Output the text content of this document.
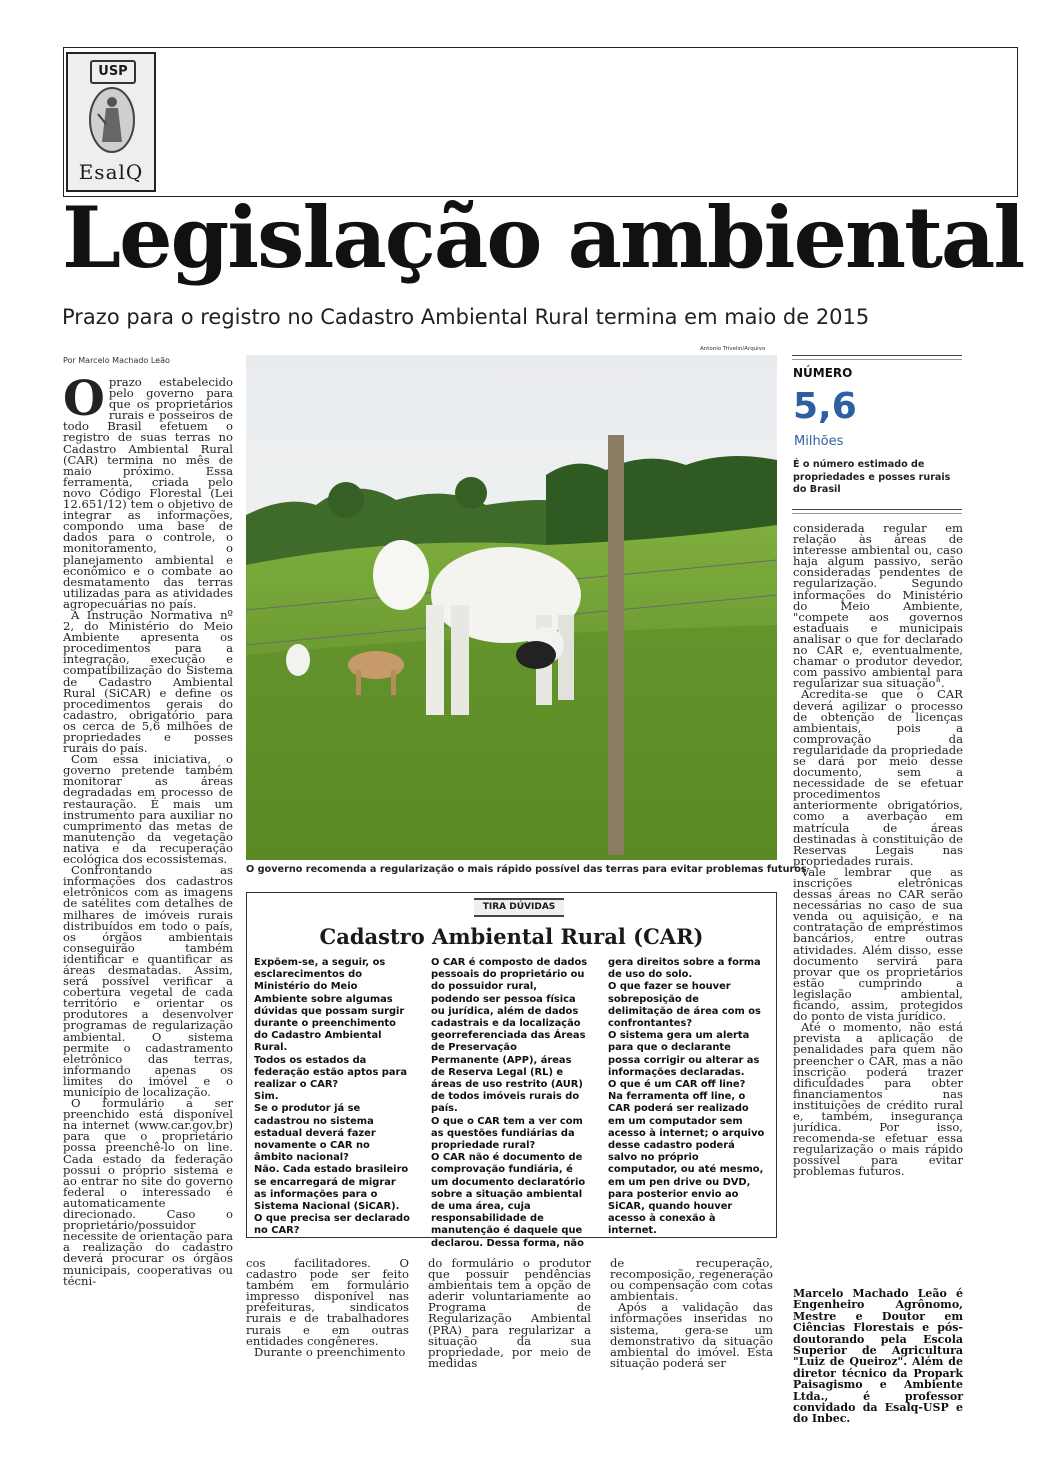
USP
EsalQ
Legislação ambiental
Prazo para o registro no Cadastro Ambiental Rural termina em maio de 2015
Por Marcelo Machado Leão
Antonio Trivelin/Arquivo

Oprazo estabelecido pelo governo para que os proprietários rurais e posseiros de todo Brasil efetuem o registro de suas terras no Cadastro Ambiental Rural (CAR) termina no mês de maio próximo. Essa ferramenta, criada pelo novo Código Florestal (Lei 12.651/12) tem o objetivo de integrar as informações, compondo uma base de dados para o controle, o monitoramento, o planejamento ambiental e econômico e o combate ao desmatamento das terras utilizadas para as atividades agropecuárias no país.

A Instrução Normativa nº 2, do Ministério do Meio Ambiente apresenta os procedimentos para a integração, execução e compatibilização do Sistema de Cadastro Ambiental Rural (SiCAR) e define os procedimentos gerais do cadastro, obrigatório para os cerca de 5,6 milhões de propriedades e posses rurais do país.

Com essa iniciativa, o governo pretende também monitorar as áreas degradadas em processo de restauração. É mais um instrumento para auxiliar no cumprimento das metas de manutenção da vegetação nativa e da recuperação ecológica dos ecossistemas.

Confrontando as informações dos cadastros eletrônicos com as imagens de satélites com detalhes de milhares de imóveis rurais distribuídos em todo o país, os órgãos ambientais conseguirão também identificar e quantificar as áreas desmatadas. Assim, será possível verificar a cobertura vegetal de cada território e orientar os produtores a desenvolver programas de regularização ambiental. O sistema permite o cadastramento eletrônico das terras, informando apenas os limites do imóvel e o município de localização.

O formulário a ser preenchido está disponível na internet (www.car.gov.br) para que o proprietário possa preenchê-lo on line. Cada estado da federação possui o próprio sistema e ao entrar no site do governo federal o interessado é automaticamente direcionado. Caso o proprietário/possuidor necessite de orientação para a realização do cadastro deverá procurar os órgãos municipais, cooperativas ou técni-

O governo recomenda a regularização o mais rápido possível das terras para evitar problemas futuros
TIRA DÚVIDAS
Cadastro Ambiental Rural (CAR)
Expõem-se, a seguir, os esclarecimentos do Ministério do Meio Ambiente sobre algumas dúvidas que possam surgir durante o preenchimento do Cadastro Ambiental Rural.
Todos os estados da federação estão aptos para realizar o CAR?
Sim.
Se o produtor já se cadastrou no sistema estadual deverá fazer novamente o CAR no âmbito nacional?
Não. Cada estado brasileiro se encarregará de migrar as informações para o Sistema Nacional (SiCAR).
O que precisa ser declarado no CAR?
O CAR é composto de dados pessoais do proprietário ou do possuidor rural, podendo ser pessoa física ou jurídica, além de dados cadastrais e da localização georreferenciada das Áreas de Preservação Permanente (APP), áreas de Reserva Legal (RL) e áreas de uso restrito (AUR) de todos imóveis rurais do país.
O que o CAR tem a ver com as questões fundiárias da propriedade rural?
O CAR não é documento de comprovação fundiária, é um documento declaratório sobre a situação ambiental de uma área, cuja responsabilidade de manutenção é daquele que declarou. Dessa forma, não
gera direitos sobre a forma de uso do solo.
O que fazer se houver sobreposição de delimitação de área com os confrontantes?
O sistema gera um alerta para que o declarante possa corrigir ou alterar as informações declaradas.
O que é um CAR off line?
Na ferramenta off line, o CAR poderá ser realizado em um computador sem acesso à internet; o arquivo desse cadastro poderá salvo no próprio computador, ou até mesmo, em um pen drive ou DVD, para posterior envio ao SiCAR, quando houver acesso à conexão à internet.

cos facilitadores. O cadastro pode ser feito também em formulário impresso disponível nas prefeituras, sindicatos rurais e de trabalhadores rurais e em outras entidades congêneres.

Durante o preenchimento

do formulário o produtor que possuir pendências ambientais tem a opção de aderir voluntariamente ao Programa de Regularização Ambiental (PRA) para regularizar a situação da sua propriedade, por meio de medidas

de recuperação, recomposição, regeneração ou compensação com cotas ambientais.

Após a validação das informações inseridas no sistema, gera-se um demonstrativo da situação ambiental do imóvel. Esta situação poderá ser

NÚMERO
5,6
Milhões
É o número estimado de propriedades e posses rurais do Brasil

considerada regular em relação às áreas de interesse ambiental ou, caso haja algum passivo, serão consideradas pendentes de regularização. Segundo informações do Ministério do Meio Ambiente, "compete aos governos estaduais e municipais analisar o que for declarado no CAR e, eventualmente, chamar o produtor devedor, com passivo ambiental para regularizar sua situação".

Acredita-se que o CAR deverá agilizar o processo de obtenção de licenças ambientais, pois a comprovação da regularidade da propriedade se dará por meio desse documento, sem a necessidade de se efetuar procedimentos anteriormente obrigatórios, como a averbação em matrícula de áreas destinadas à constituição de Reservas Legais nas propriedades rurais.

Vale lembrar que as inscrições eletrônicas dessas áreas no CAR serão necessárias no caso de sua venda ou aquisição, e na contratação de empréstimos bancários, entre outras atividades. Além disso, esse documento servirá para provar que os proprietários estão cumprindo a legislação ambiental, ficando, assim, protegidos do ponto de vista jurídico.

Até o momento, não está prevista a aplicação de penalidades para quem não preencher o CAR, mas a não inscrição poderá trazer dificuldades para obter financiamentos nas instituições de crédito rural e, também, insegurança jurídica. Por isso, recomenda-se efetuar essa regularização o mais rápido possível para evitar problemas futuros.

Marcelo Machado Leão é Engenheiro Agrônomo, Mestre e Doutor em Ciências Florestais e pós-doutorando pela Escola Superior de Agricultura "Luiz de Queiroz". Além de diretor técnico da Propark Paisagismo e Ambiente Ltda., é professor convidado da Esalq-USP e do Inbec.
